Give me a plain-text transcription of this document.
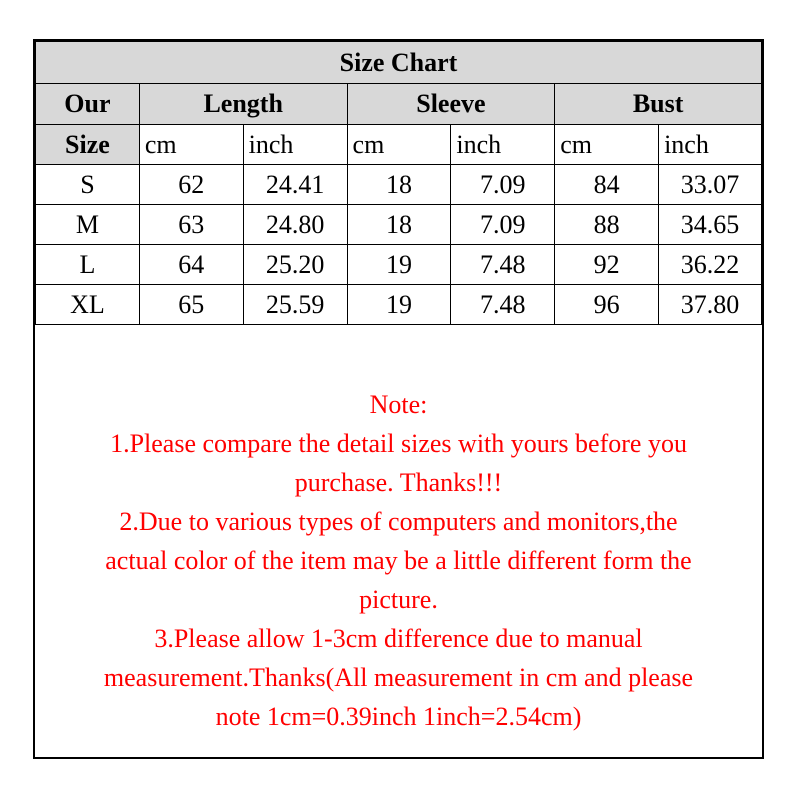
Size Chart						
Our	Length		Sleeve		Bust	
Size	cm	inch	cm	inch	cm	inch
S	62	24.41	18	7.09	84	33.07
M	63	24.80	18	7.09	88	34.65
L	64	25.20	19	7.48	92	36.22
XL	65	25.59	19	7.48	96	37.80
Note:
1.Please compare the detail sizes with yours before you
purchase. Thanks!!!
2.Due to various types of computers and monitors,the
actual color of the item may be a little different form the
picture.
3.Please allow 1-3cm difference due to manual
measurement.Thanks(All measurement in cm and please
note 1cm=0.39inch 1inch=2.54cm)
